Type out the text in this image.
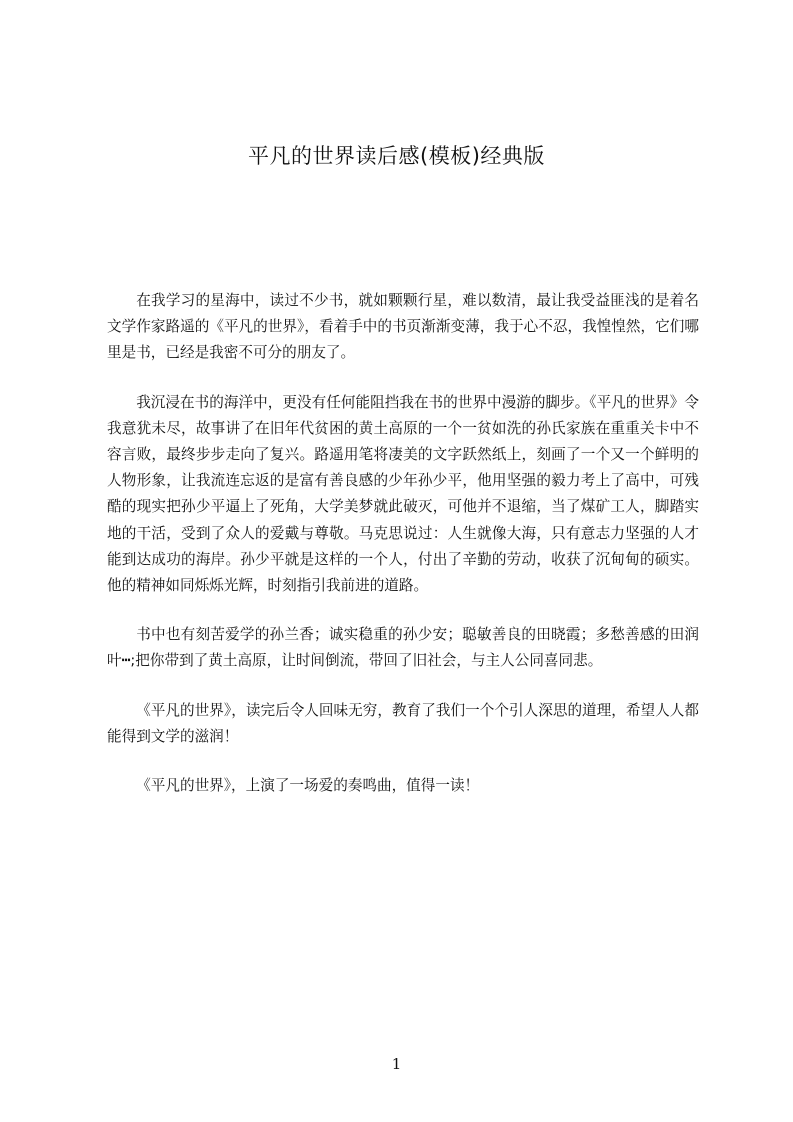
平凡的世界读后感(模板)经典版

在我学习的星海中，读过不少书，就如颗颗行星，难以数清，最让我受益匪浅的是着名文学作家路遥的《平凡的世界》，看着手中的书页渐渐变薄，我于心不忍，我惶惶然，它们哪里是书，已经是我密不可分的朋友了。

我沉浸在书的海洋中，更没有任何能阻挡我在书的世界中漫游的脚步。《平凡的世界》令我意犹未尽，故事讲了在旧年代贫困的黄土高原的一个一贫如洗的孙氏家族在重重关卡中不容言败，最终步步走向了复兴。路遥用笔将凄美的文字跃然纸上，刻画了一个又一个鲜明的人物形象，让我流连忘返的是富有善良感的少年孙少平，他用坚强的毅力考上了高中，可残酷的现实把孙少平逼上了死角，大学美梦就此破灭，可他并不退缩，当了煤矿工人，脚踏实地的干活，受到了众人的爱戴与尊敬。马克思说过：人生就像大海，只有意志力坚强的人才能到达成功的海岸。孙少平就是这样的一个人，付出了辛勤的劳动，收获了沉甸甸的硕实。他的精神如同烁烁光辉，时刻指引我前进的道路。

书中也有刻苦爱学的孙兰香；诚实稳重的孙少安；聪敏善良的田晓霞；多愁善感的田润叶┅;把你带到了黄土高原，让时间倒流，带回了旧社会，与主人公同喜同悲。

《平凡的世界》，读完后令人回味无穷，教育了我们一个个引人深思的道理，希望人人都能得到文学的滋润！

《平凡的世界》，上演了一场爱的奏鸣曲，值得一读！

1
